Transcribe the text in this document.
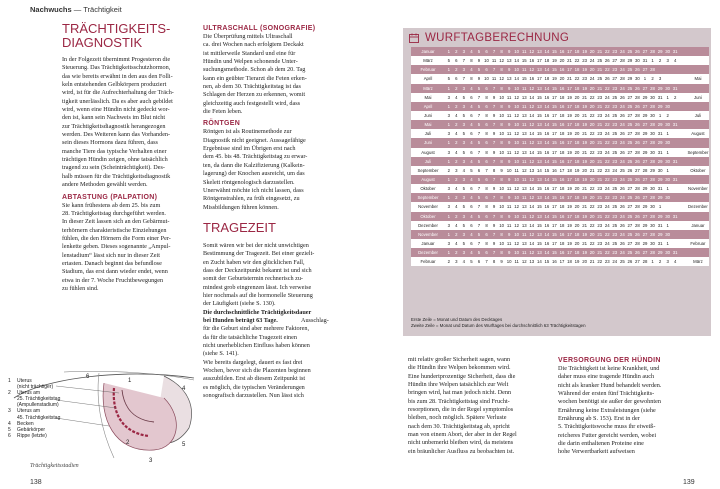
Nachwuchs — Trächtigkeit
TRÄCHTIGKEITS-
DIAGNOSTIK
In der Folgezeit übernimmt Progesteron die
Steuerung. Das Trächtigkeitsschutzhormon,
das wie bereits erwähnt in den aus den Folli-
keln entstehenden Gelbkörpern produziert
wird, ist für die Aufrechterhaltung der Träch-
tigkeit unerlässlich. Da es aber auch gebildet
wird, wenn eine Hündin nicht gedeckt wor-
den ist, kann sein Nachweis im Blut nicht
zur Trächtigkeitsdiagnostik herangezogen
werden. Des Weiteren kann das Vorhanden-
sein dieses Hormons dazu führen, dass
manche Tiere das typische Verhalten einer
trächtigen Hündin zeigen, ohne tatsächlich
tragend zu sein (Scheinträchtigkeit). Des-
halb müssen für die Trächtigkeitsdiagnostik
andere Methoden gewählt werden.
ABTASTUNG (PALPATION)
Sie kann frühestens ab dem 25. bis zum
28. Trächtigkeitstag durchgeführt werden.
In dieser Zeit lassen sich an den Gebärmut-
terhörnern charakteristische Einziehungen
fühlen, die den Hörnern die Form einer Per-
lenkette geben. Dieses sogenannte „Ampul-
lenstadium“ lässt sich nur in dieser Zeit
ertasten. Danach beginnt das befundlose
Stadium, das erst dann wieder endet, wenn
etwa in der 7. Woche Fruchtbewegungen
zu fühlen sind.
6
1
4
2
3
5
1	Uterus
(nicht trächtiger)
2	Uterus am
25. Trächtigkeitstag
(Ampullenstadium)
3	Uterus am
45. Trächtigkeitstag
4	Becken
5	Gebärkörper
6	Rippe (letzte)
Trächtigkeitsstadien
138
ULTRASCHALL (SONOGRAFIE)
Die Überprüfung mittels Ultraschall
ca. drei Wochen nach erfolgtem Deckakt
ist mittlerweile Standard und eine für
Hündin und Welpen schonende Unter-
suchungsmethode. Schon ab dem 20. Tag
kann ein geübter Tierarzt die Feten erken-
nen, ab dem 30. Trächtigkeitstag ist das
Schlagen der Herzen zu erkennen, womit
gleichzeitig auch festgestellt wird, dass
die Feten leben.
RÖNTGEN
Röntgen ist als Routinemethode zur
Diagnostik nicht geeignet. Aussagefähige
Ergebnisse sind im Übrigen erst nach
dem 45. bis 48. Trächtigkeitstag zu erwar-
ten, da dann die Kalzifizierung (Kalkein-
lagerung) der Knochen ausreicht, um das
Skelett röntgenologisch darzustellen.
Unerwähnt möchte ich nicht lassen, dass
Röntgenstrahlen, zu früh eingesetzt, zu
Missbildungen führen können.
TRAGEZEIT
Somit wären wir bei der nicht unwichtigen
Bestimmung der Tragezeit. Bei einer gezielt-
en Zucht haben wir den glücklichen Fall,
dass der Deckzeitpunkt bekannt ist und sich
somit der Geburtstermin rechnerisch zu-
mindest grob eingrenzen lässt. Ich verweise
hier nochmals auf die hormonelle Steuerung
der Läufigkeit (siehe S. 130).
Die durchschnittliche Trächtigkeitsdauer
bei Hunden beträgt 63 Tage.	Ausschlag-
für die Geburt sind aber mehrere Faktoren,
da für die tatsächliche Tragezeit einen
nicht unerheblichen Einfluss haben können
(siehe S. 141).
Wie bereits dargelegt, dauert es fast drei
Wochen, bevor sich die Plazenten beginnen
auszubilden. Erst ab diesem Zeitpunkt ist
es möglich, die typischen Veränderungen
sonografisch darzustellen. Nun lässt sich
WURFTAGBERECHNUNG
Januar	1	2	3	4	5	6	7	8	9 10 11 12 13 14 15 16 17 18 19 20 21 22 23 24 25 26 27 28 29 30 31
März	5	6	7	8	9 10 11 12 13 14 15 16 17 18 19 20 21 22 23 24 25 26 27 28 29 30 31 1	2	3	4
Februar	1	2	3	4	5	6	7	8	9 10 11 12 13 14 15 16 17 18 19 20 21 22 23 24 25 26 27 28
April	5	6	7	8	9 10 11 12 13 14 15 16 17 18 19 20 21 22 23 24 25 26 27 28 29 30 1	2	3	Mai
März	1	2	3	4	5	6	7	8	9 10 11 12 13 14 15 16 17 18 19 20 21 22 23 24 25 26 27 28 29 30 31
Mai	3	4	5	6	7	8	9 10 11 12 13 14 15 16 17 18 19 20 21 22 23 24 25 26 27 28 29 30 31 1	2	Juni
April	1	2	3	4	5	6	7	8	9 10 11 12 13 14 15 16 17 18 19 20 21 22 23 24 25 26 27 28 29 30
Juni	3	4	5	6	7	8	9 10 11 12 13 14 15 16 17 18 19 20 21 22 23 24 25 26 27 28 29 30 1	2	Juli
Mai	1	2	3	4	5	6	7	8	9 10 11 12 13 14 15 16 17 18 19 20 21 22 23 24 25 26 27 28 29 30 31
Juli	3	4	5	6	7	8	9 10 11 12 13 14 15 16 17 18 19 20 21 22 23 24 25 26 27 28 29 30 31 1	August
Juni	1	2	3	4	5	6	7	8	9 10 11 12 13 14 15 16 17 18 19 20 21 22 23 24 25 26 27 28 29 30
August	3	4	5	6	7	8	9 10 11 12 13 14 15 16 17 18 19 20 21 22 23 24 25 26 27 28 29 30 31 1	September
Juli	1	2	3	4	5	6	7	8	9 10 11 12 13 14 15 16 17 18 19 20 21 22 23 24 25 26 27 28 29 30 31
September	2	3	4	5	6	7	8	9 10 11 12 13 14 15 16 17 18 19 20 21 22 23 24 25 26 27 28 29 30 1	Oktober
August	1	2	3	4	5	6	7	8	9 10 11 12 13 14 15 16 17 18 19 20 21 22 23 24 25 26 27 28 29 30 31
Oktober	3	4	5	6	7	8	9 10 11 12 13 14 15 16 17 18 19 20 21 22 23 24 25 26 27 28 29 30 31 1	November
September	1	2	3	4	5	6	7	8	9 10 11 12 13 14 15 16 17 18 19 20 21 22 23 24 25 26 27 28 29 30
November	3	4	5	6	7	8	9 10 11 12 13 14 15 16 17 18 19 20 21 22 23 24 25 26 27 28 29 30 1	Dezember
Oktober	1	2	3	4	5	6	7	8	9 10 11 12 13 14 15 16 17 18 19 20 21 22 23 24 25 26 27 28 29 30 31
Dezember	3	4	5	6	7	8	9 10 11 12 13 14 15 16 17 18 19 20 21 22 23 24 25 26 27 28 29 30 31 1	Januar
November	1	2	3	4	5	6	7	8	9 10 11 12 13 14 15 16 17 18 19 20 21 22 23 24 25 26 27 28 29 30
Januar	3	4	5	6	7	8	9 10 11 12 13 14 15 16 17 18 19 20 21 22 23 24 25 26 27 28 29 30 31 1	Februar
Dezember	1	2	3	4	5	6	7	8	9 10 11 12 13 14 15 16 17 18 19 20 21 22 23 24 25 26 27 28 29 30 31
Februar	2	3	4	5	6	7	8	9 10 11 12 13 14 15 16 17 18 19 20 21 22 23 24 25 26 27 28 1	2	3	4	März
Erste Zeile = Monat und Datum des Decktages
Zweite Zeile = Monat und Datum des Wurftages bei durchschnittlich 63 Trächtigkeitstagen
mit relativ großer Sicherheit sagen, wann
die Hündin ihre Welpen bekommen wird.
Eine hundertprozentige Sicherheit, dass die
Hündin ihre Welpen tatsächlich zur Welt
bringen wird, hat man jedoch nicht. Denn
bis zum 28. Trächtigkeitstag sind Frucht-
resorptionen, die in der Regel symptomlos
bleiben, noch möglich. Spätere Verluste
nach dem 30. Trächtigkeitstag ab, spricht
man von einem Abort, der aber in der Regel
nicht unbemerkt bleiben wird, da meistens
ein bräunlicher Ausfluss zu beobachten ist.
VERSORGUNG DER HÜNDIN
Die Trächtigkeit ist keine Krankheit, und
daher muss eine tragende Hündin auch
nicht als kranker Hund behandelt werden.
Während der ersten fünf Trächtigkeits-
wochen benötigt sie außer der gewohnten
Ernährung keine Extraleistungen (siehe
Ernährung ab S. 153). Erst in der
5. Trächtigkeitswoche muss ihr eiweiß-
reicheres Futter gereicht werden, wobei
die darin enthaltenen Proteine eine
hohe Verwertbarkeit aufweisen
139
